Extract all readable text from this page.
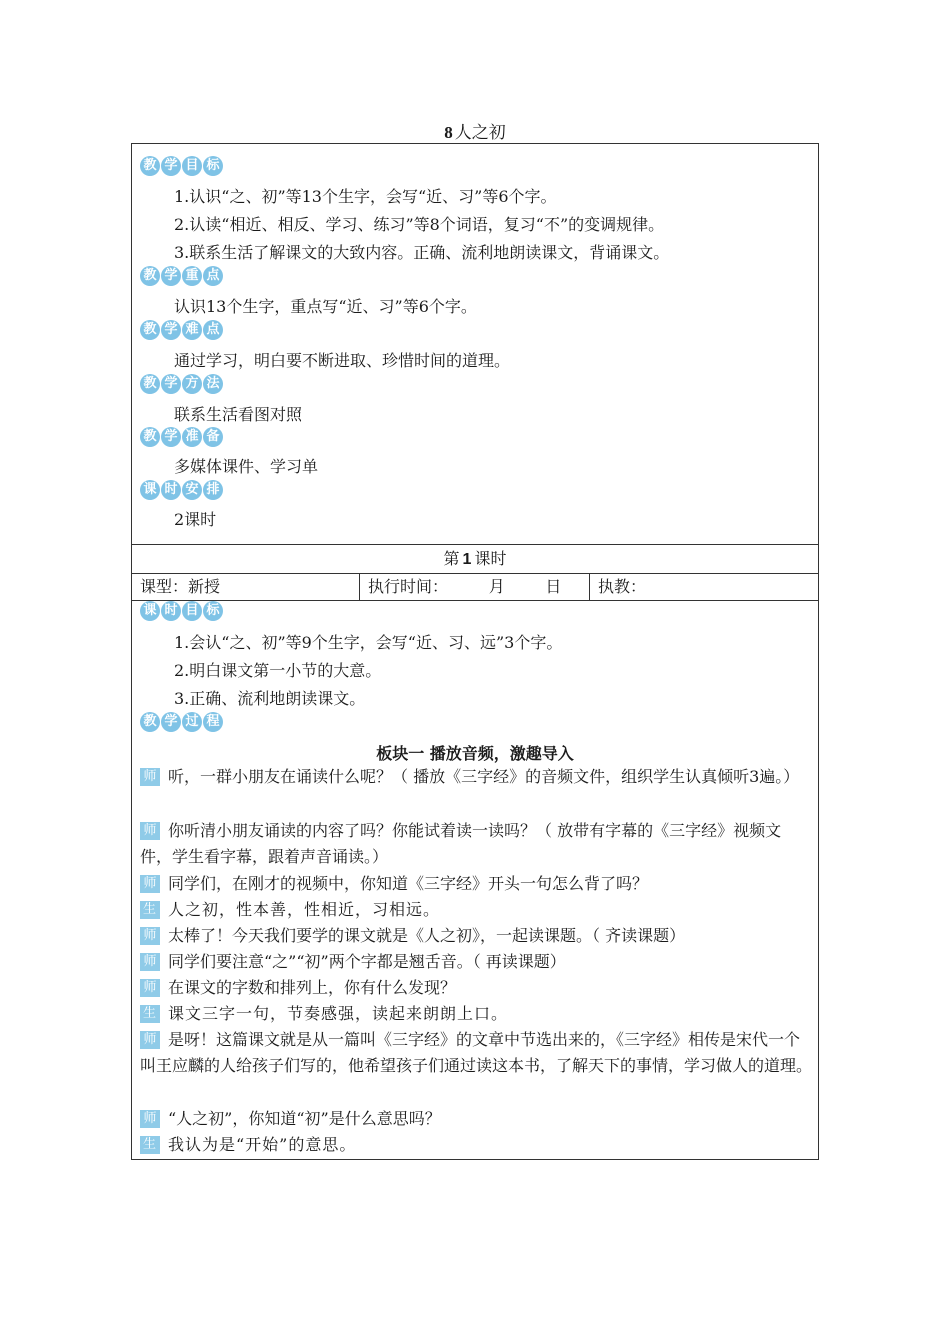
8 人之初
教 学 目 标
1.认识“之、初”等13个生字，会写“近、习”等6个字。
2.认读“相近、相反、学习、练习”等8个词语，复习“不”的变调规律。
3.联系生活了解课文的大致内容。正确、流利地朗读课文，背诵课文。
教 学 重 点
认识13个生字，重点写“近、习”等6个字。
教 学 难 点
通过学习，明白要不断进取、珍惜时间的道理。
教 学 方 法
联系生活看图对照
教 学 准 备
多媒体课件、学习单
课 时 安 排
2课时
第 1 课时
课型：新授	执行时间：        月        日	执教：
课 时 目 标
1.会认“之、初”等9个生字，会写“近、习、远”3个字。
2.明白课文第一小节的大意。
3.正确、流利地朗读课文。
教 学 过 程
板块一 播放音频，激趣导入
师 听，一群小朋友在诵读什么呢？（ 播放《三字经》的音频文件，组织学生认真倾听3遍。）
师 你听清小朋友诵读的内容了吗？你能试着读一读吗？（ 放带有字幕的《三字经》视频文件，学生看字幕，跟着声音诵读。）
师 同学们，在刚才的视频中，你知道《三字经》开头一句怎么背了吗？
生 人之初，性本善，性相近，习相远。
师 太棒了！今天我们要学的课文就是《人之初》，一起读课题。（ 齐读课题）
师 同学们要注意“之”“初”两个字都是翘舌音。（ 再读课题）
师 在课文的字数和排列上，你有什么发现？
生 课文三字一句，节奏感强，读起来朗朗上口。
师 是呀！这篇课文就是从一篇叫《三字经》的文章中节选出来的，《三字经》相传是宋代一个叫王应麟的人给孩子们写的，他希望孩子们通过读这本书，了解天下的事情，学习做人的道理。
师 “人之初”，你知道“初”是什么意思吗？
生 我认为是“开始”的意思。
